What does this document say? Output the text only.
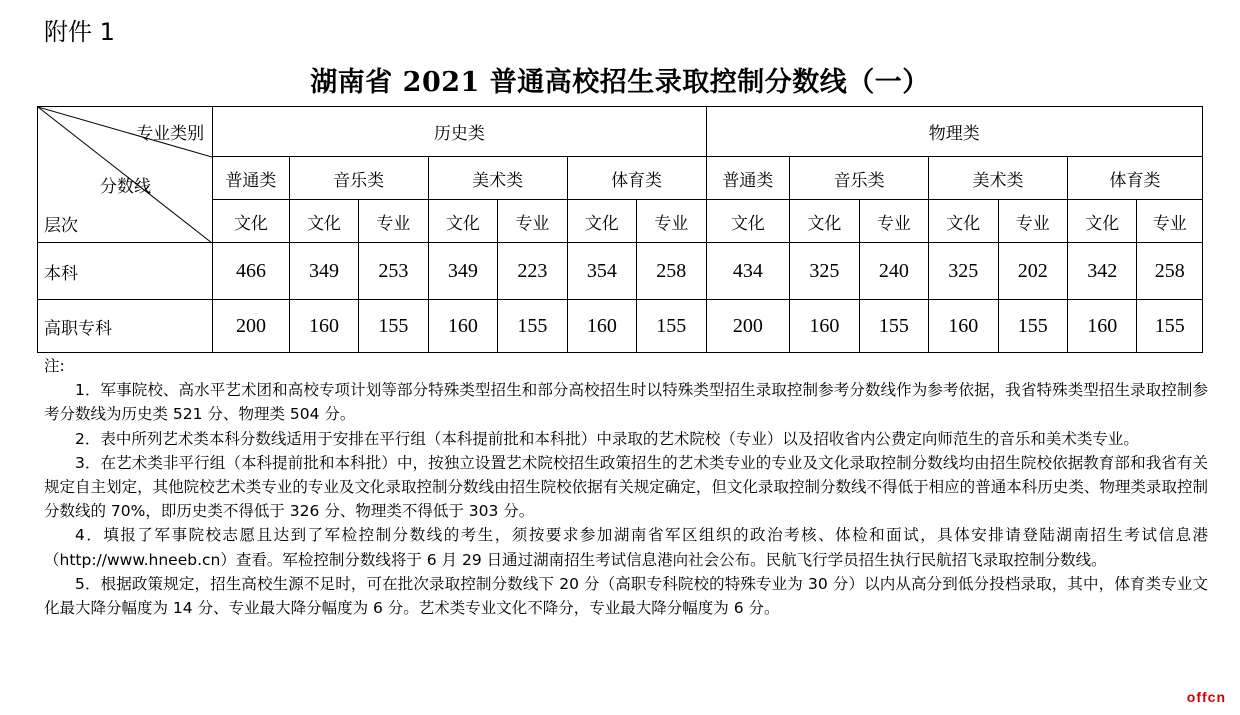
附件 1
湖南省 2021 普通高校招生录取控制分数线（一）
专业类别
分数线
层次	历史类							物理类						
	普通类	音乐类		美术类		体育类		普通类	音乐类		美术类		体育类	
	文化	文化	专业	文化	专业	文化	专业	文化	文化	专业	文化	专业	文化	专业
本科	466	349	253	349	223	354	258	434	325	240	325	202	342	258
高职专科	200	160	155	160	155	160	155	200	160	155	160	155	160	155

注:

1．军事院校、高水平艺术团和高校专项计划等部分特殊类型招生和部分高校招生时以特殊类型招生录取控制参考分数线作为参考依据，我省特殊类型招生录取控制参考分数线为历史类 521 分、物理类 504 分。

2．表中所列艺术类本科分数线适用于安排在平行组（本科提前批和本科批）中录取的艺术院校（专业）以及招收省内公费定向师范生的音乐和美术类专业。

3．在艺术类非平行组（本科提前批和本科批）中，按独立设置艺术院校招生政策招生的艺术类专业的专业及文化录取控制分数线均由招生院校依据教育部和我省有关规定自主划定，其他院校艺术类专业的专业及文化录取控制分数线由招生院校依据有关规定确定，但文化录取控制分数线不得低于相应的普通本科历史类、物理类录取控制分数线的 70%，即历史类不得低于 326 分、物理类不得低于 303 分。

4．填报了军事院校志愿且达到了军检控制分数线的考生，须按要求参加湖南省军区组织的政治考核、体检和面试，具体安排请登陆湖南招生考试信息港（http://www.hneeb.cn）查看。军检控制分数线将于 6 月 29 日通过湖南招生考试信息港向社会公布。民航飞行学员招生执行民航招飞录取控制分数线。

5．根据政策规定，招生高校生源不足时，可在批次录取控制分数线下 20 分（高职专科院校的特殊专业为 30 分）以内从高分到低分投档录取，其中，体育类专业文化最大降分幅度为 14 分、专业最大降分幅度为 6 分。艺术类专业文化不降分，专业最大降分幅度为 6 分。

offcn
